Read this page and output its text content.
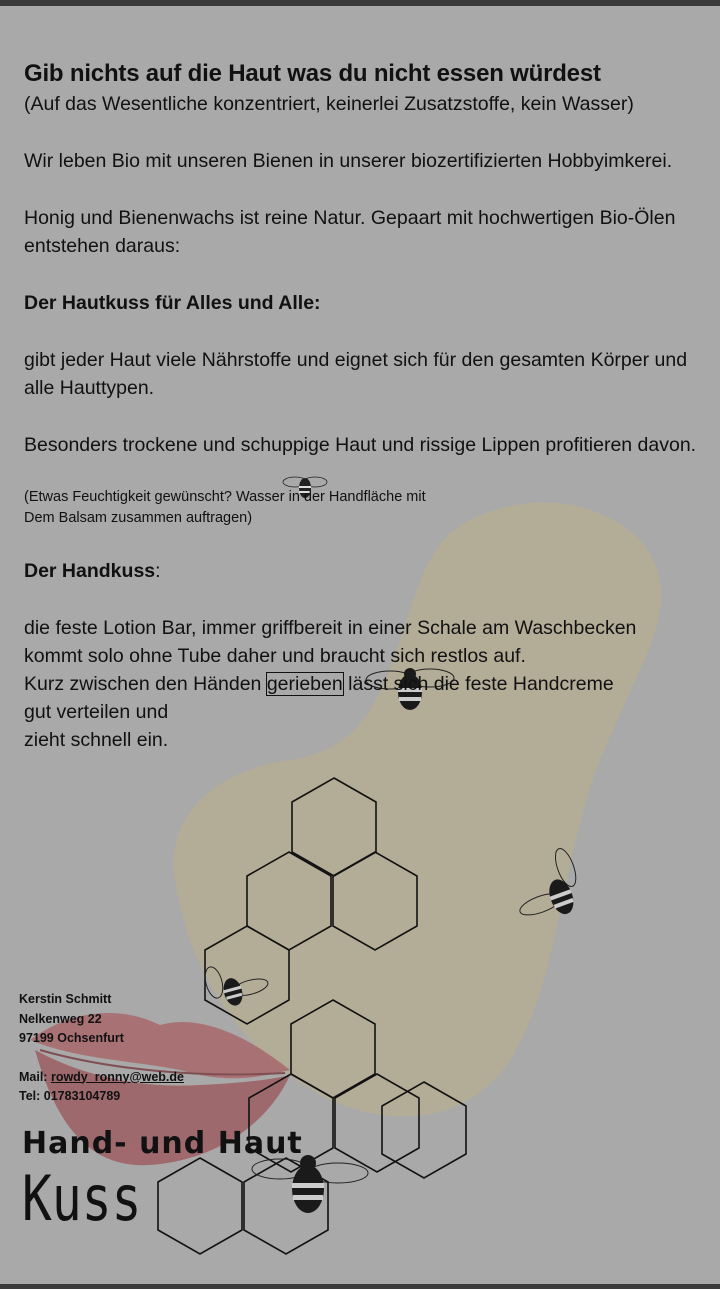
Gib nichts auf die Haut was du nicht essen würdest

(Auf das Wesentliche konzentriert, keinerlei Zusatzstoffe, kein Wasser)

Wir leben Bio mit unseren Bienen in unserer biozertifizierten Hobbyimkerei.

Honig und Bienenwachs ist reine Natur. Gepaart mit hochwertigen Bio-Ölen entstehen daraus:

Der Hautkuss für Alles und Alle:

gibt jeder Haut viele Nährstoffe und eignet sich für den gesamten Körper und alle Hauttypen.

Besonders trockene und schuppige Haut und rissige Lippen profitieren davon.

(Etwas Feuchtigkeit gewünscht? Wasser in der Handfläche mit

Dem Balsam zusammen auftragen)

Der Handkuss:

die feste Lotion Bar, immer griffbereit in einer Schale am Waschbecken kommt solo ohne Tube daher und braucht sich restlos auf.

Kurz zwischen den Händen gerieben lässt sich die feste Handcreme

gut verteilen und

zieht schnell ein.

Kerstin Schmitt
Nelkenweg 22
97199 Ochsenfurt
Mail: rowdy_ronny@web.de
Tel: 01783104789
Hand- und Haut
Kuss
